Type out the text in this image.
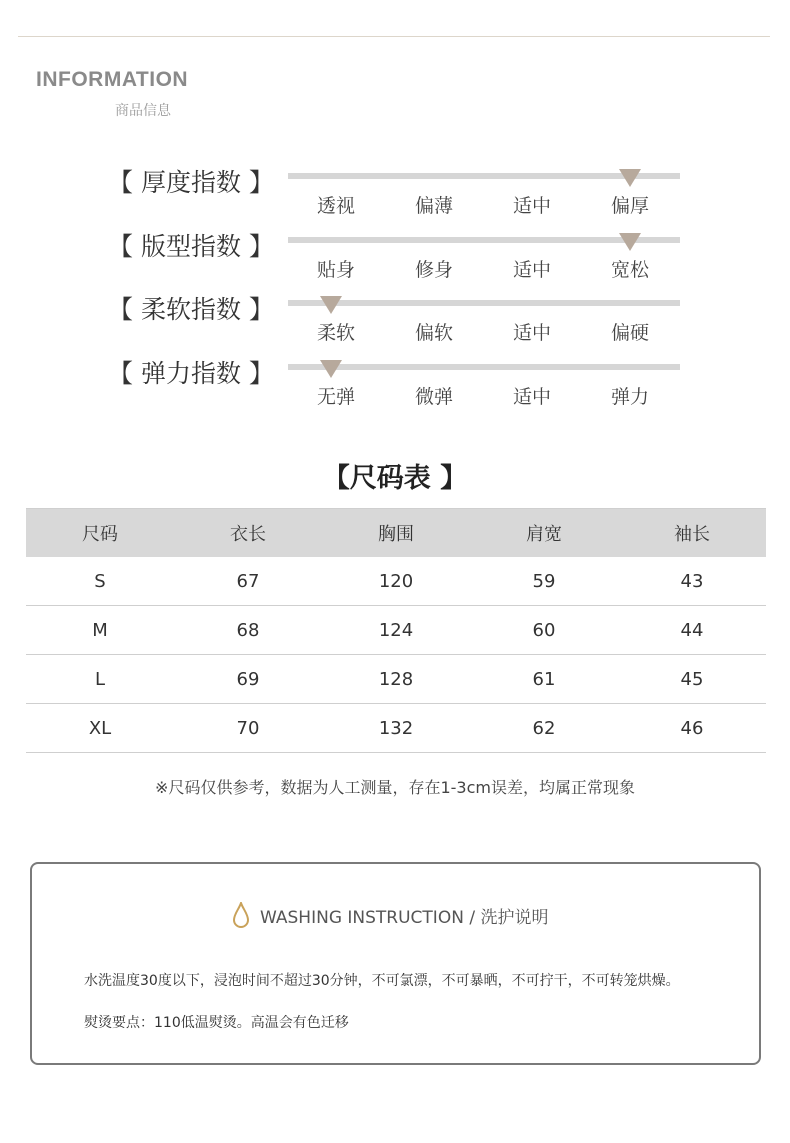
INFORMATION
商品信息
【 厚度指数 】
透视	偏薄	适中	偏厚
【 版型指数 】
贴身	修身	适中	宽松
【 柔软指数 】
柔软	偏软	适中	偏硬
【 弹力指数 】
无弹	微弹	适中	弹力
【尺码表 】
尺码	衣长	胸围	肩宽	袖长
S	67	120	59	43
M	68	124	60	44
L	69	128	61	45
XL	70	132	62	46
※尺码仅供参考，数据为人工测量，存在1-3cm误差，均属正常现象
WASHING INSTRUCTION / 洗护说明
水洗温度30度以下，浸泡时间不超过30分钟，不可氯漂，不可暴晒，不可拧干，不可转笼烘燥。
熨烫要点：110低温熨烫。高温会有色迁移
